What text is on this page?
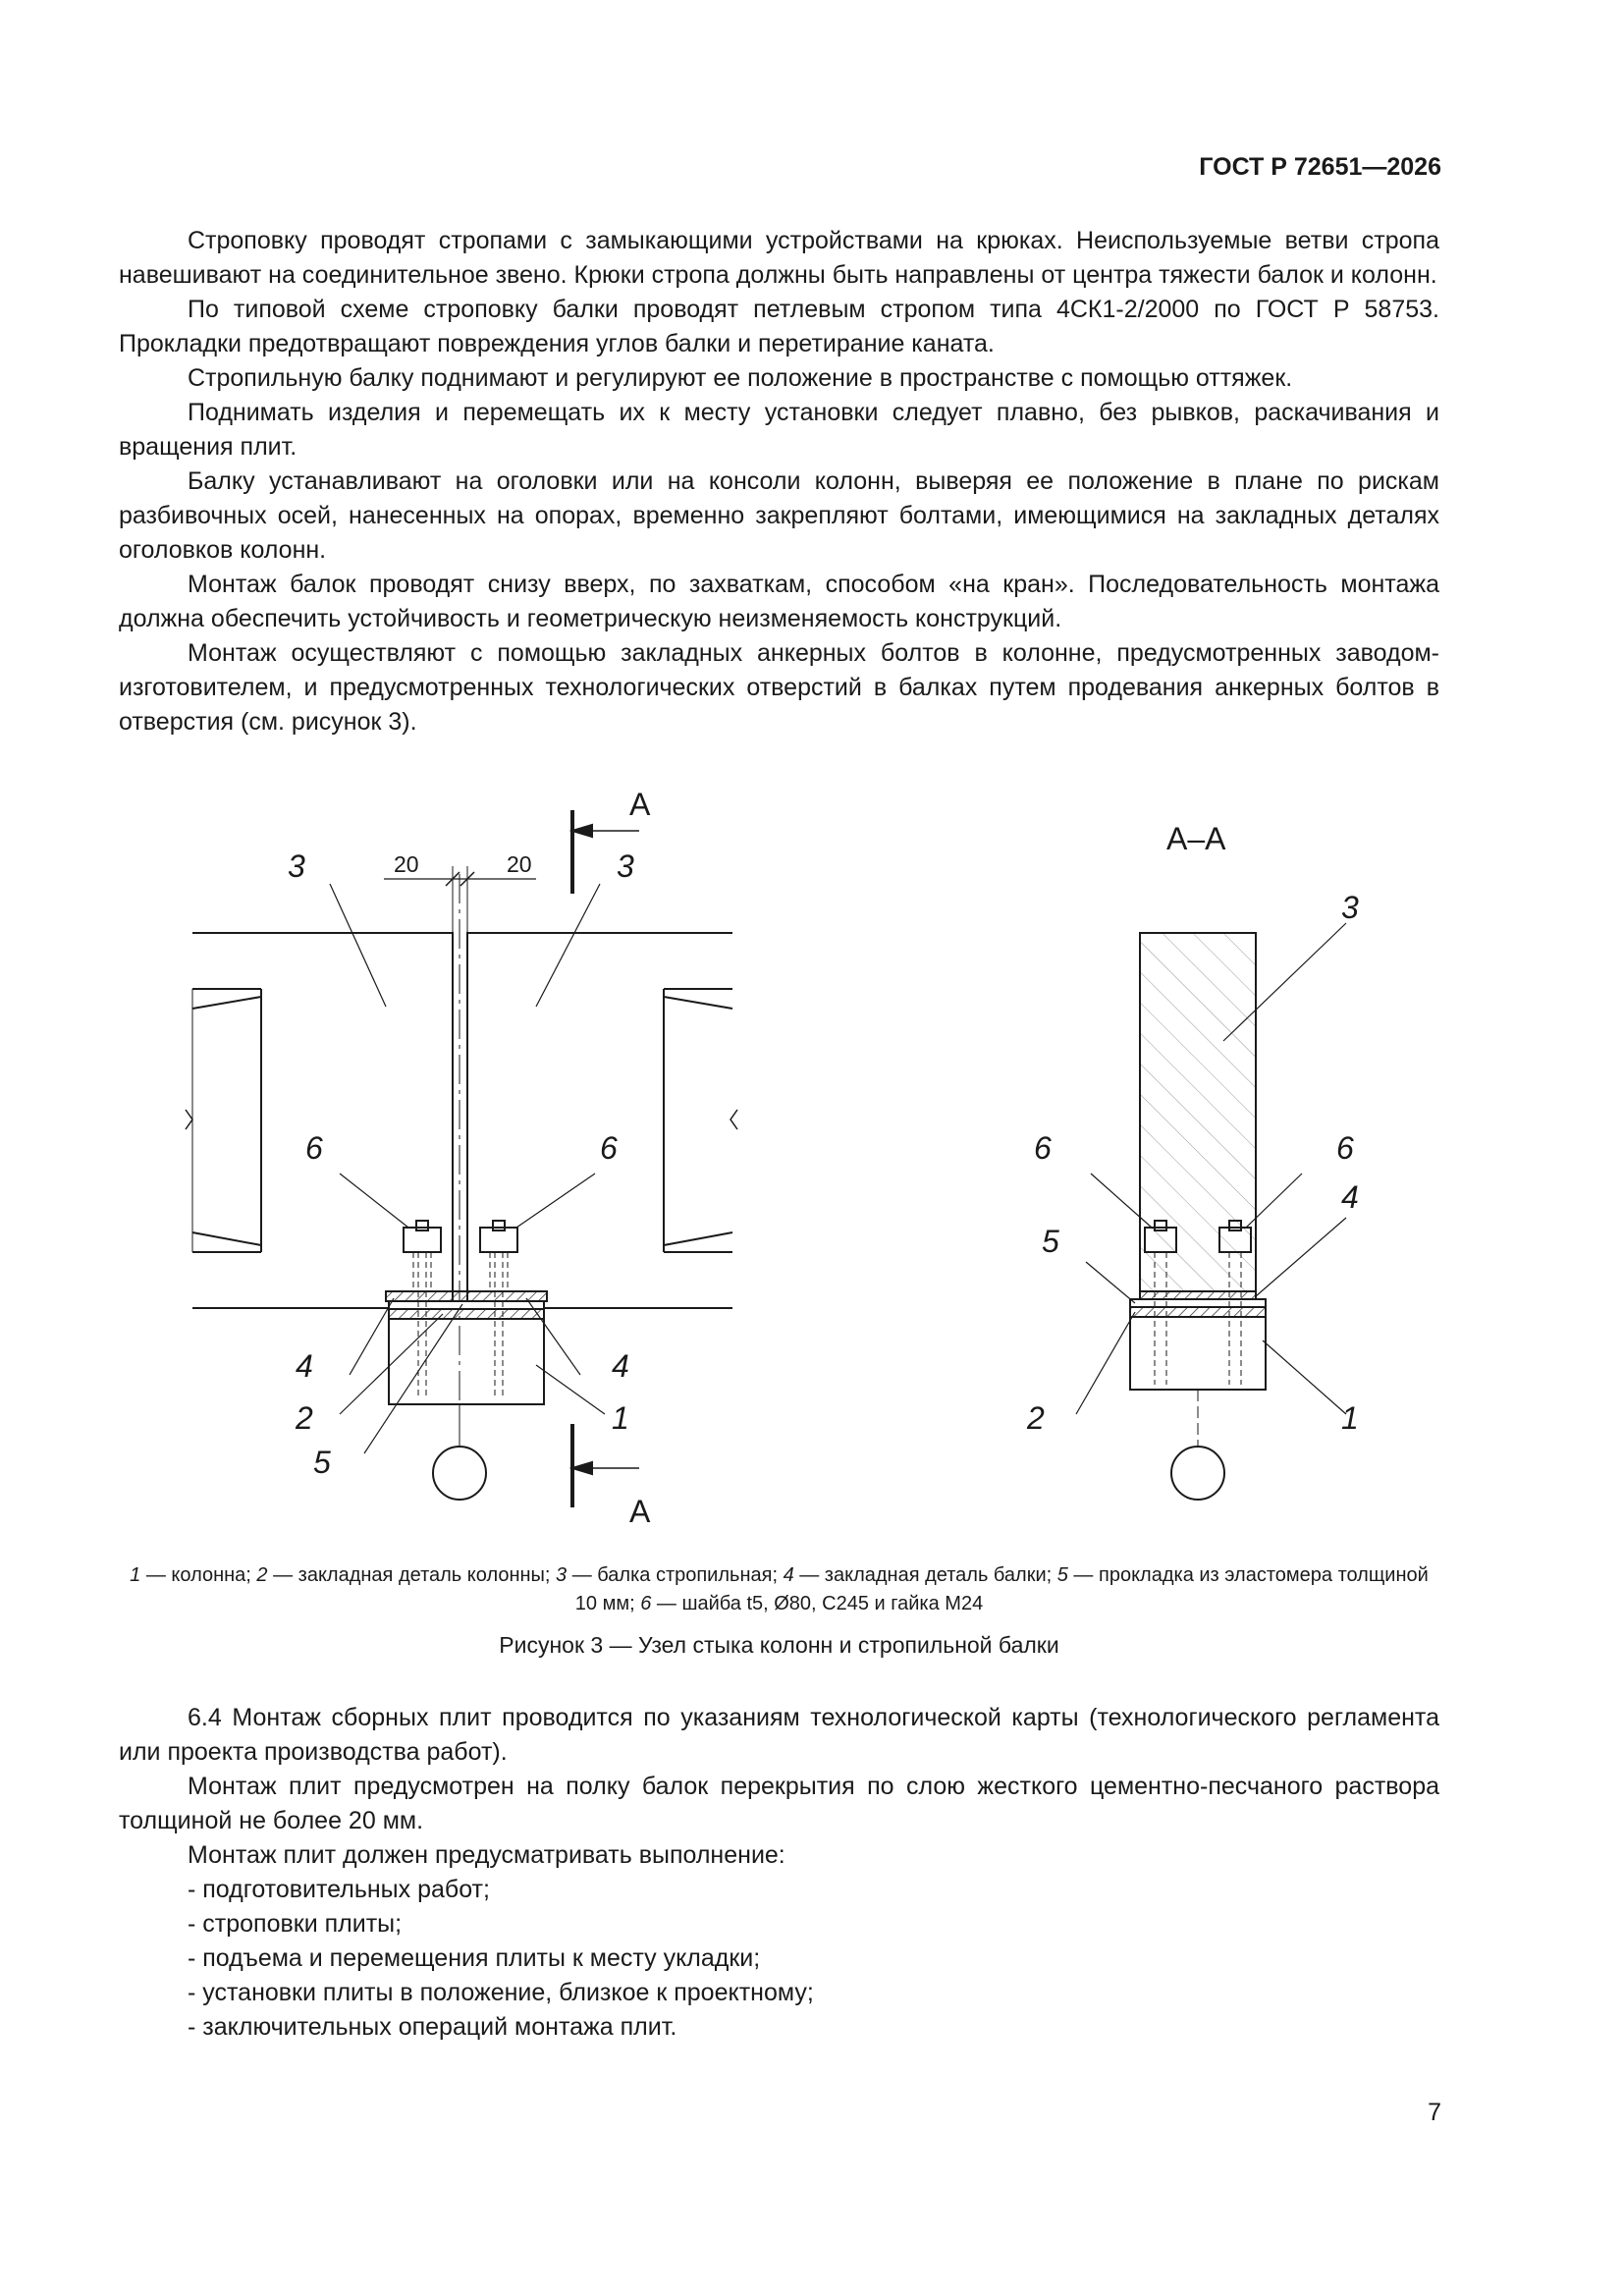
ГОСТ Р 72651—2026

Строповку проводят стропами с замыкающими устройствами на крюках. Неиспользуемые ветви стропа навешивают на соединительное звено. Крюки стропа должны быть направлены от центра тяжести балок и колонн.

По типовой схеме строповку балки проводят петлевым стропом типа 4СК1-2/2000 по ГОСТ Р 58753. Прокладки предотвращают повреждения углов балки и перетирание каната.

Стропильную балку поднимают и регулируют ее положение в пространстве с помощью оттяжек.

Поднимать изделия и перемещать их к месту установки следует плавно, без рывков, раскачивания и вращения плит.

Балку устанавливают на оголовки или на консоли колонн, выверяя ее положение в плане по рискам разбивочных осей, нанесенных на опорах, временно закрепляют болтами, имеющимися на закладных деталях оголовков колонн.

Монтаж балок проводят снизу вверх, по захваткам, способом «на кран». Последовательность монтажа должна обеспечить устойчивость и геометрическую неизменяемость конструкций.

Монтаж осуществляют с помощью закладных анкерных болтов в колонне, предусмотренных заводом-изготовителем, и предусмотренных технологических отверстий в балках путем продевания анкерных болтов в отверстия (см. рисунок 3).

А
А
20	20
3	3
6	6
4	4
2	1
5
А–А
3
6	6
4
5
2	1
1 — колонна; 2 — закладная деталь колонны; 3 — балка стропильная; 4 — закладная деталь балки; 5 — прокладка из эластомера толщиной 10 мм; 6 — шайба t5, Ø80, С245 и гайка М24
Рисунок 3 — Узел стыка колонн и стропильной балки

6.4 Монтаж сборных плит проводится по указаниям технологической карты (технологического регламента или проекта производства работ).

Монтаж плит предусмотрен на полку балок перекрытия по слою жесткого цементно-песчаного раствора толщиной не более 20 мм.

Монтаж плит должен предусматривать выполнение:

- подготовительных работ;

- строповки плиты;

- подъема и перемещения плиты к месту укладки;

- установки плиты в положение, близкое к проектному;

- заключительных операций монтажа плит.

7
